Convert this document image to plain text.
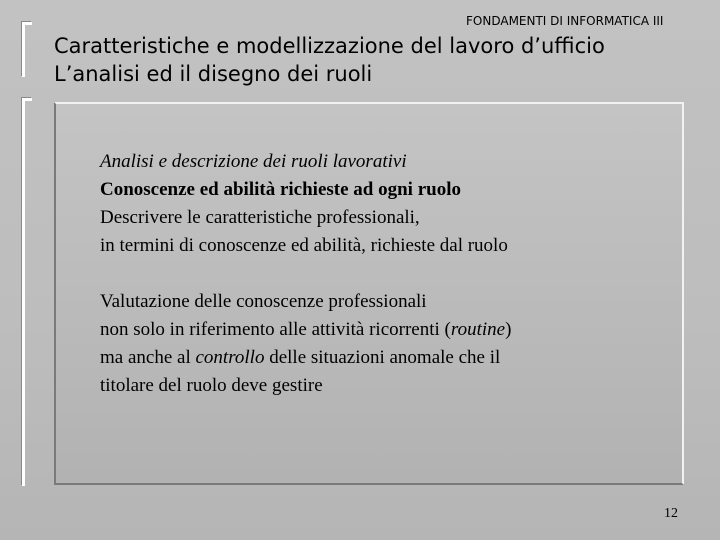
FONDAMENTI DI INFORMATICA III
Caratteristiche e modellizzazione del lavoro d’ufficio
L’analisi ed il disegno dei ruoli

Analisi e descrizione dei ruoli lavorativi

Conoscenze ed abilità richieste ad ogni ruolo

Descrivere le caratteristiche professionali,

in termini di conoscenze ed abilità, richieste dal ruolo

Valutazione delle conoscenze professionali

non solo in riferimento alle attività ricorrenti (routine)

ma anche al controllo delle situazioni anomale che il

titolare del ruolo deve gestire

12
